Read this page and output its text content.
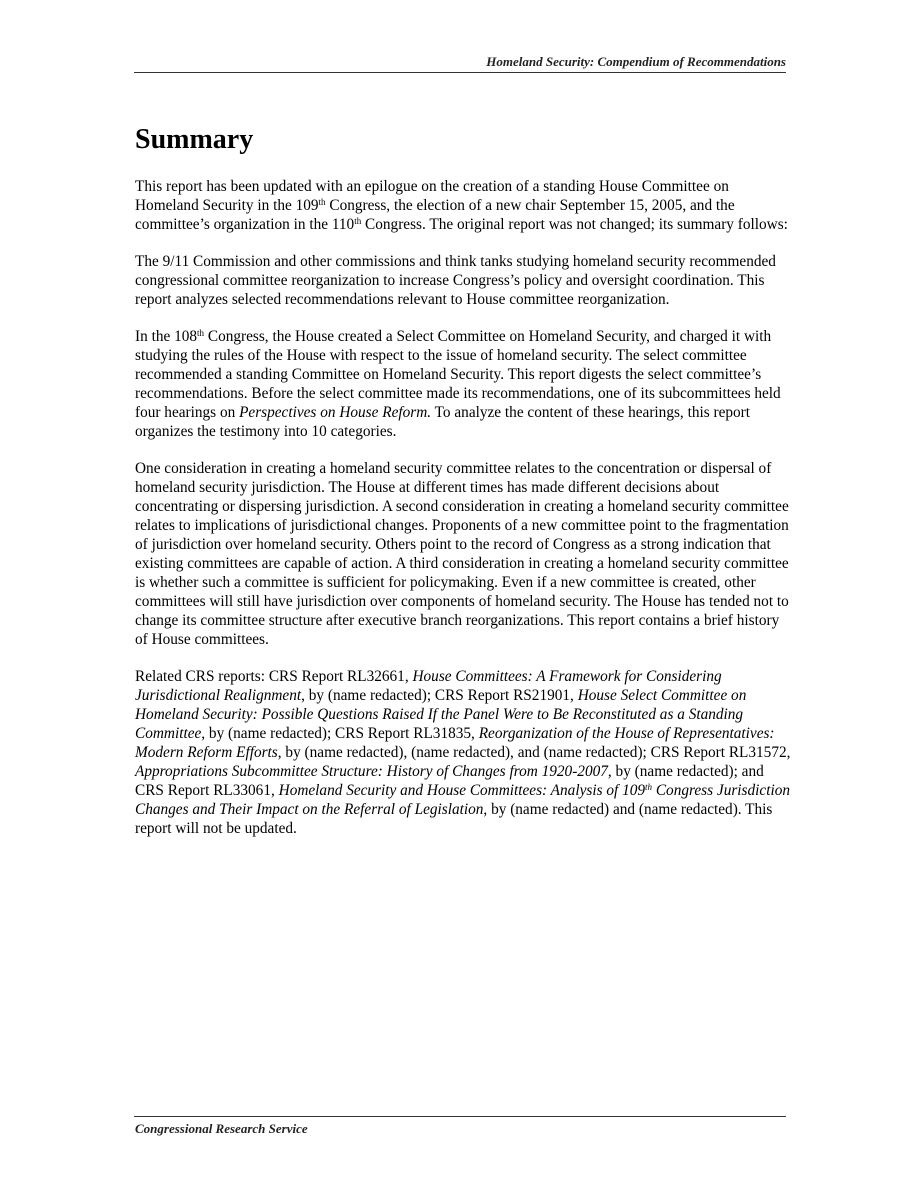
Homeland Security: Compendium of Recommendations
Summary

This report has been updated with an epilogue on the creation of a standing House Committee on Homeland Security in the 109th Congress, the election of a new chair September 15, 2005, and the committee’s organization in the 110th Congress. The original report was not changed; its summary follows:

The 9/11 Commission and other commissions and think tanks studying homeland security recommended congressional committee reorganization to increase Congress’s policy and oversight coordination. This report analyzes selected recommendations relevant to House committee reorganization.

In the 108th Congress, the House created a Select Committee on Homeland Security, and charged it with studying the rules of the House with respect to the issue of homeland security. The select committee recommended a standing Committee on Homeland Security. This report digests the select committee’s recommendations. Before the select committee made its recommendations, one of its subcommittees held four hearings on Perspectives on House Reform. To analyze the content of these hearings, this report organizes the testimony into 10 categories.

One consideration in creating a homeland security committee relates to the concentration or dispersal of homeland security jurisdiction. The House at different times has made different decisions about concentrating or dispersing jurisdiction. A second consideration in creating a homeland security committee relates to implications of jurisdictional changes. Proponents of a new committee point to the fragmentation of jurisdiction over homeland security. Others point to the record of Congress as a strong indication that existing committees are capable of action. A third consideration in creating a homeland security committee is whether such a committee is sufficient for policymaking. Even if a new committee is created, other committees will still have jurisdiction over components of homeland security. The House has tended not to change its committee structure after executive branch reorganizations. This report contains a brief history of House committees.

Related CRS reports: CRS Report RL32661, House Committees: A Framework for Considering Jurisdictional Realignment, by (name redacted); CRS Report RS21901, House Select Committee on Homeland Security: Possible Questions Raised If the Panel Were to Be Reconstituted as a Standing Committee, by (name redacted); CRS Report RL31835, Reorganization of the House of Representatives: Modern Reform Efforts, by (name redacted), (name redacted), and (name redacted); CRS Report RL31572, Appropriations Subcommittee Structure: History of Changes from 1920-2007, by (name redacted); and CRS Report RL33061, Homeland Security and House Committees: Analysis of 109th Congress Jurisdiction Changes and Their Impact on the Referral of Legislation, by (name redacted) and (name redacted). This report will not be updated.

Congressional Research Service
